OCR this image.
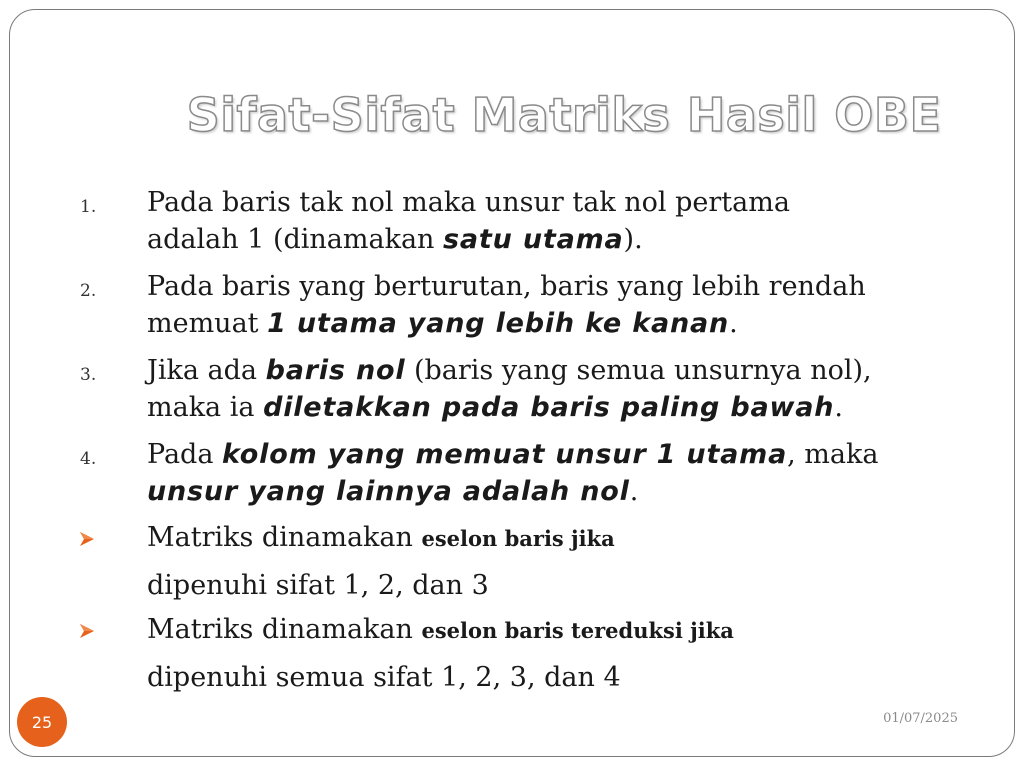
Sifat-Sifat Matriks Hasil OBE
1. Pada baris tak nol maka unsur tak nol pertama
adalah 1 (dinamakan satu utama).
2. Pada baris yang berturutan, baris yang lebih rendah
memuat 1 utama yang lebih ke kanan.
3. Jika ada baris nol (baris yang semua unsurnya nol),
maka ia diletakkan pada baris paling bawah.
4. Pada kolom yang memuat unsur 1 utama, maka
unsur yang lainnya adalah nol.
Matriks dinamakan eselon baris jika
dipenuhi sifat 1, 2, dan 3
Matriks dinamakan eselon baris tereduksi jika
dipenuhi semua sifat 1, 2, 3, dan 4
25	01/07/2025
